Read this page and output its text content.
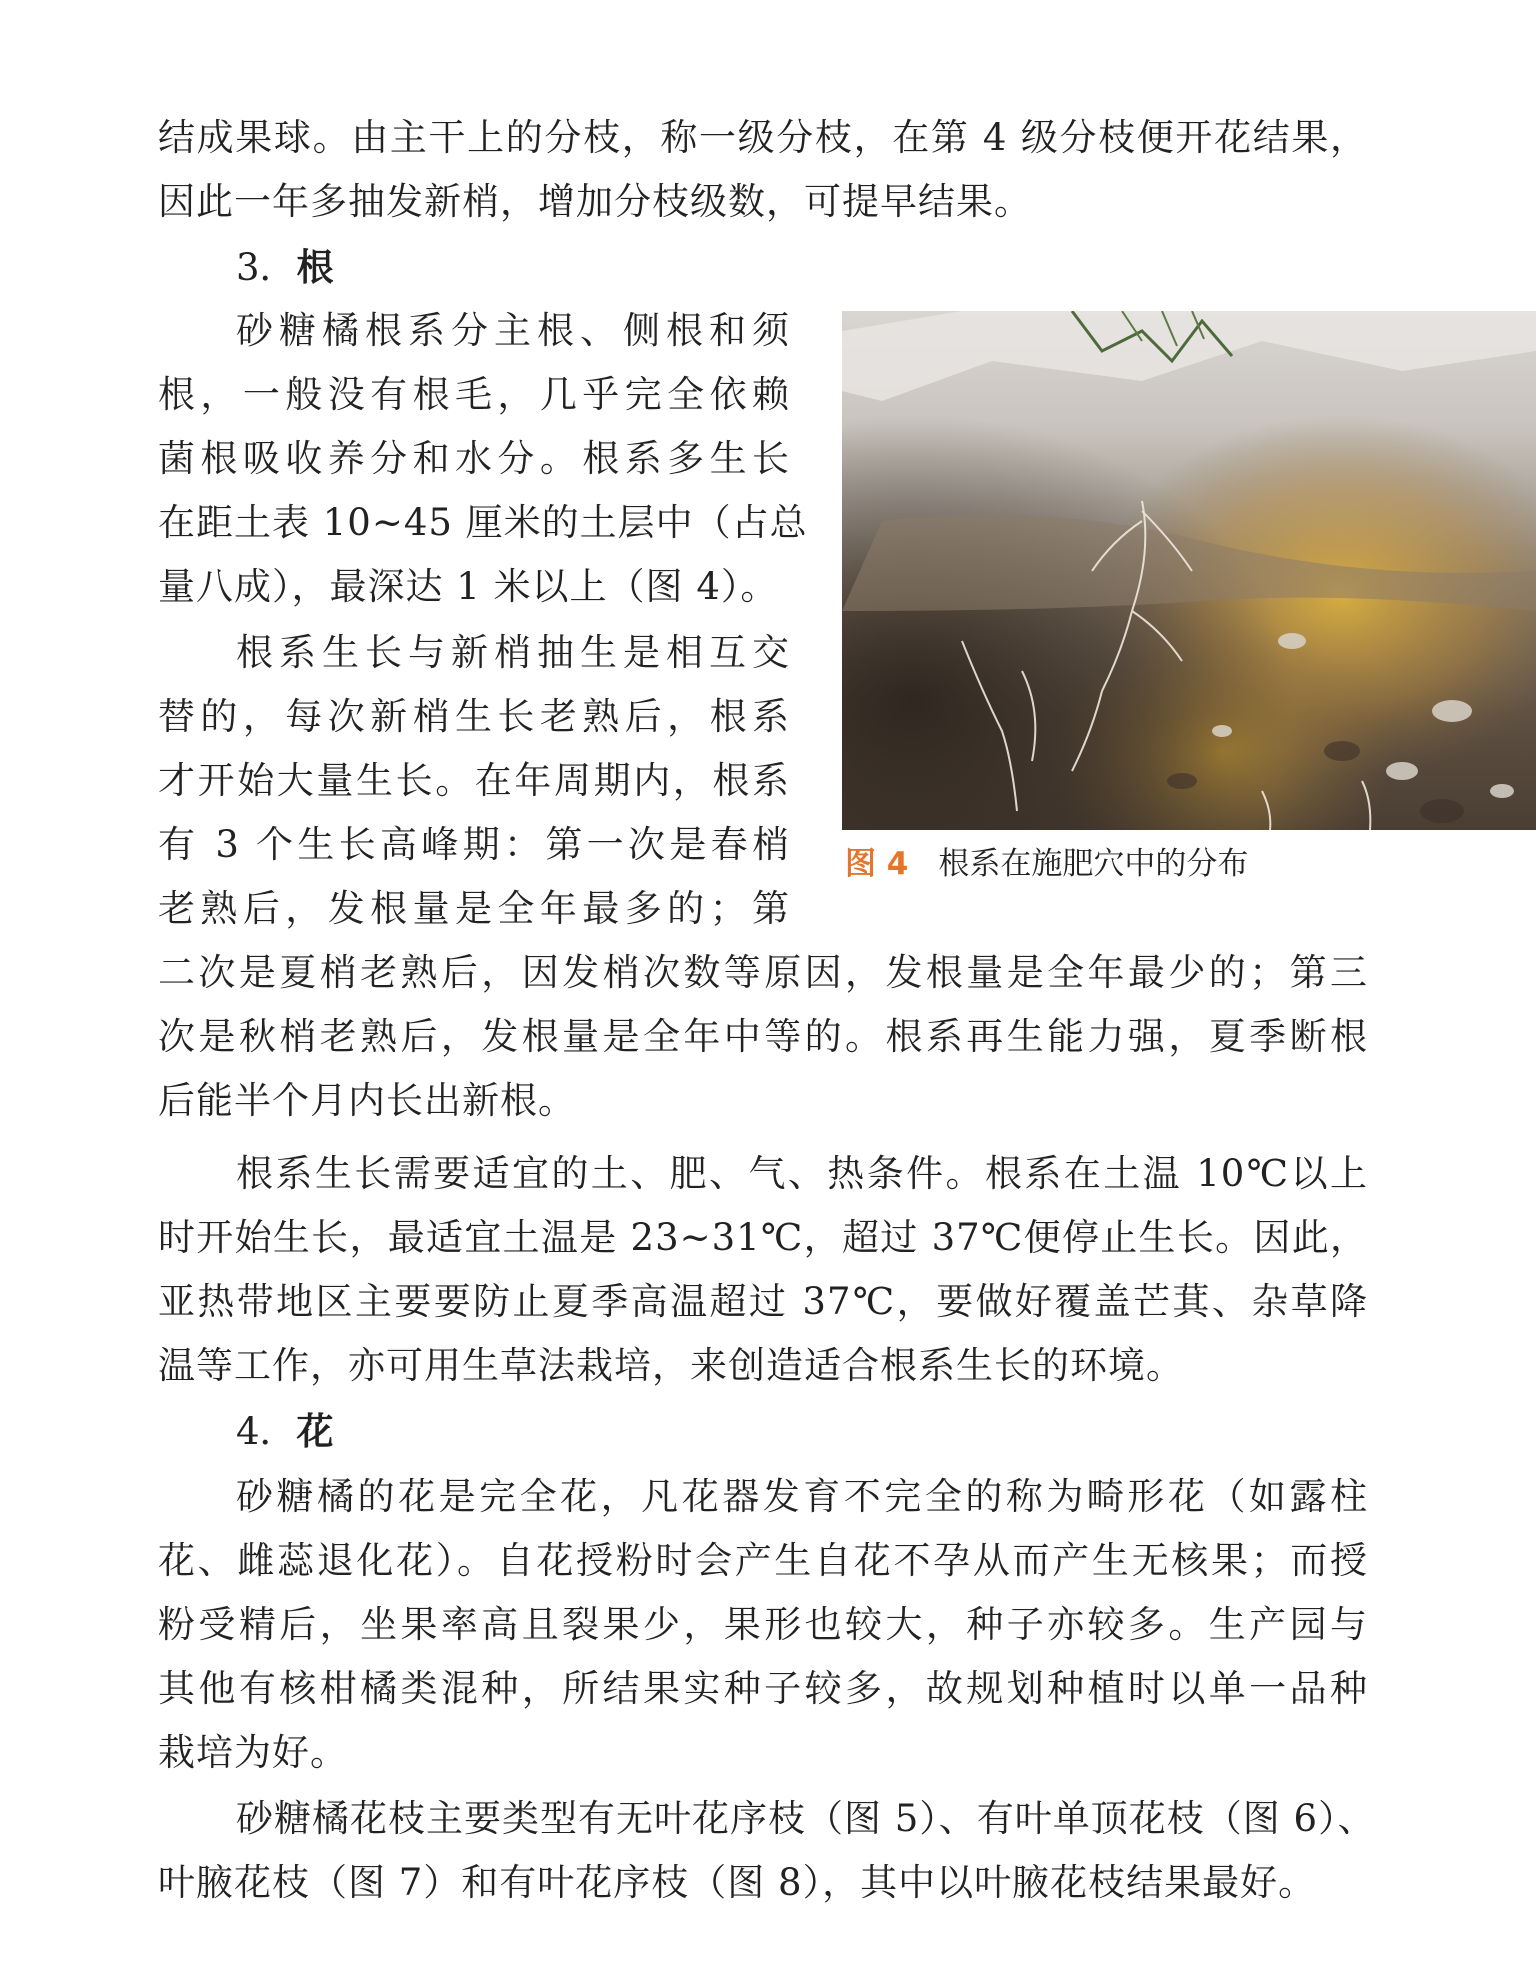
结成果球。由主干上的分枝，称一级分枝，在第 4 级分枝便开花结果，
因此一年多抽发新梢，增加分枝级数，可提早结果。
3．根
砂糖橘根系分主根、侧根和须
根，一般没有根毛，几乎完全依赖
菌根吸收养分和水分。根系多生长
在距土表 10~45 厘米的土层中（占总
量八成），最深达 1 米以上（图 4）。
根系生长与新梢抽生是相互交
替的，每次新梢生长老熟后，根系
才开始大量生长。在年周期内，根系
有 3 个生长高峰期：第一次是春梢
老熟后，发根量是全年最多的；第
二次是夏梢老熟后，因发梢次数等原因，发根量是全年最少的；第三
次是秋梢老熟后，发根量是全年中等的。根系再生能力强，夏季断根
后能半个月内长出新根。
根系生长需要适宜的土、肥、气、热条件。根系在土温 10℃以上
时开始生长，最适宜土温是 23~31℃，超过 37℃便停止生长。因此，
亚热带地区主要要防止夏季高温超过 37℃，要做好覆盖芒萁、杂草降
温等工作，亦可用生草法栽培，来创造适合根系生长的环境。
4．花
砂糖橘的花是完全花，凡花器发育不完全的称为畸形花（如露柱
花、雌蕊退化花）。自花授粉时会产生自花不孕从而产生无核果；而授
粉受精后，坐果率高且裂果少，果形也较大，种子亦较多。生产园与
其他有核柑橘类混种，所结果实种子较多，故规划种植时以单一品种
栽培为好。
砂糖橘花枝主要类型有无叶花序枝（图 5）、有叶单顶花枝（图 6）、
叶腋花枝（图 7）和有叶花序枝（图 8），其中以叶腋花枝结果最好。
图 4 根系在施肥穴中的分布
